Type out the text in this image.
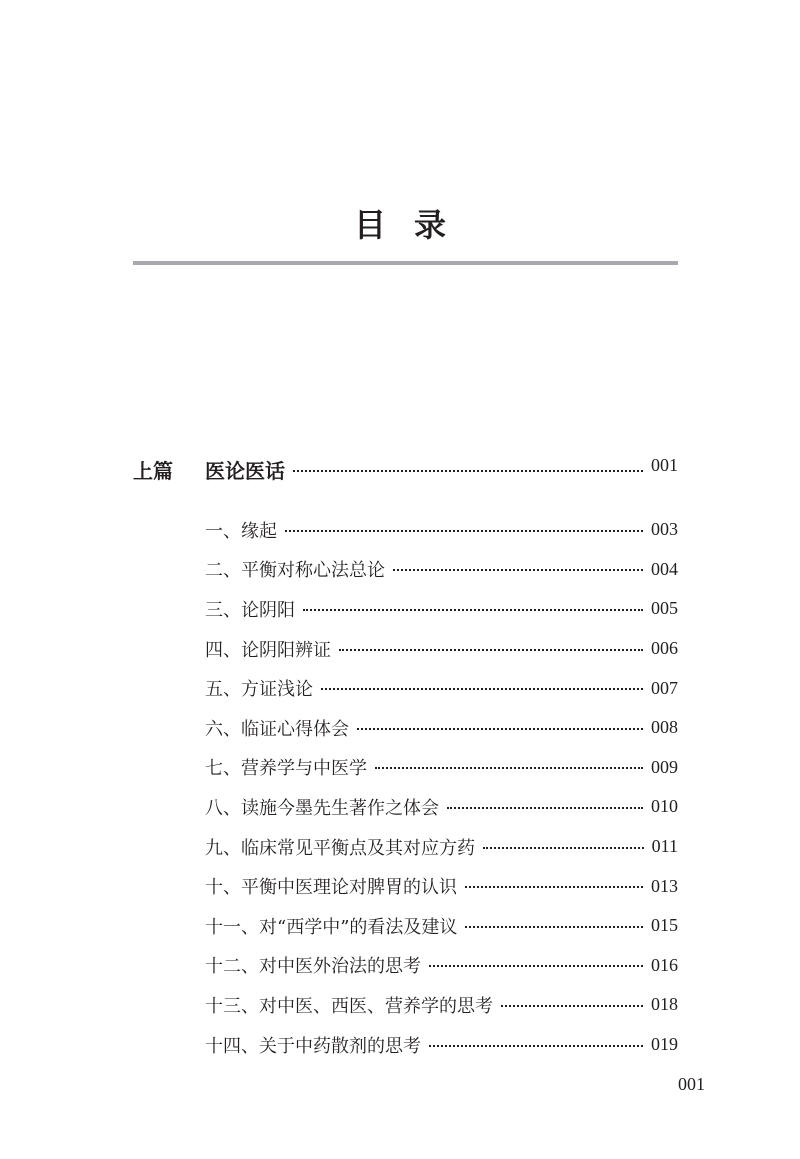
目录
上篇	医论医话	001
一、缘起	003
二、平衡对称心法总论	004
三、论阴阳	005
四、论阴阳辨证	006
五、方证浅论	007
六、临证心得体会	008
七、营养学与中医学	009
八、读施今墨先生著作之体会	010
九、临床常见平衡点及其对应方药	011
十、平衡中医理论对脾胃的认识	013
十一、对“西学中”的看法及建议	015
十二、对中医外治法的思考	016
十三、对中医、西医、营养学的思考	018
十四、关于中药散剂的思考	019
001
